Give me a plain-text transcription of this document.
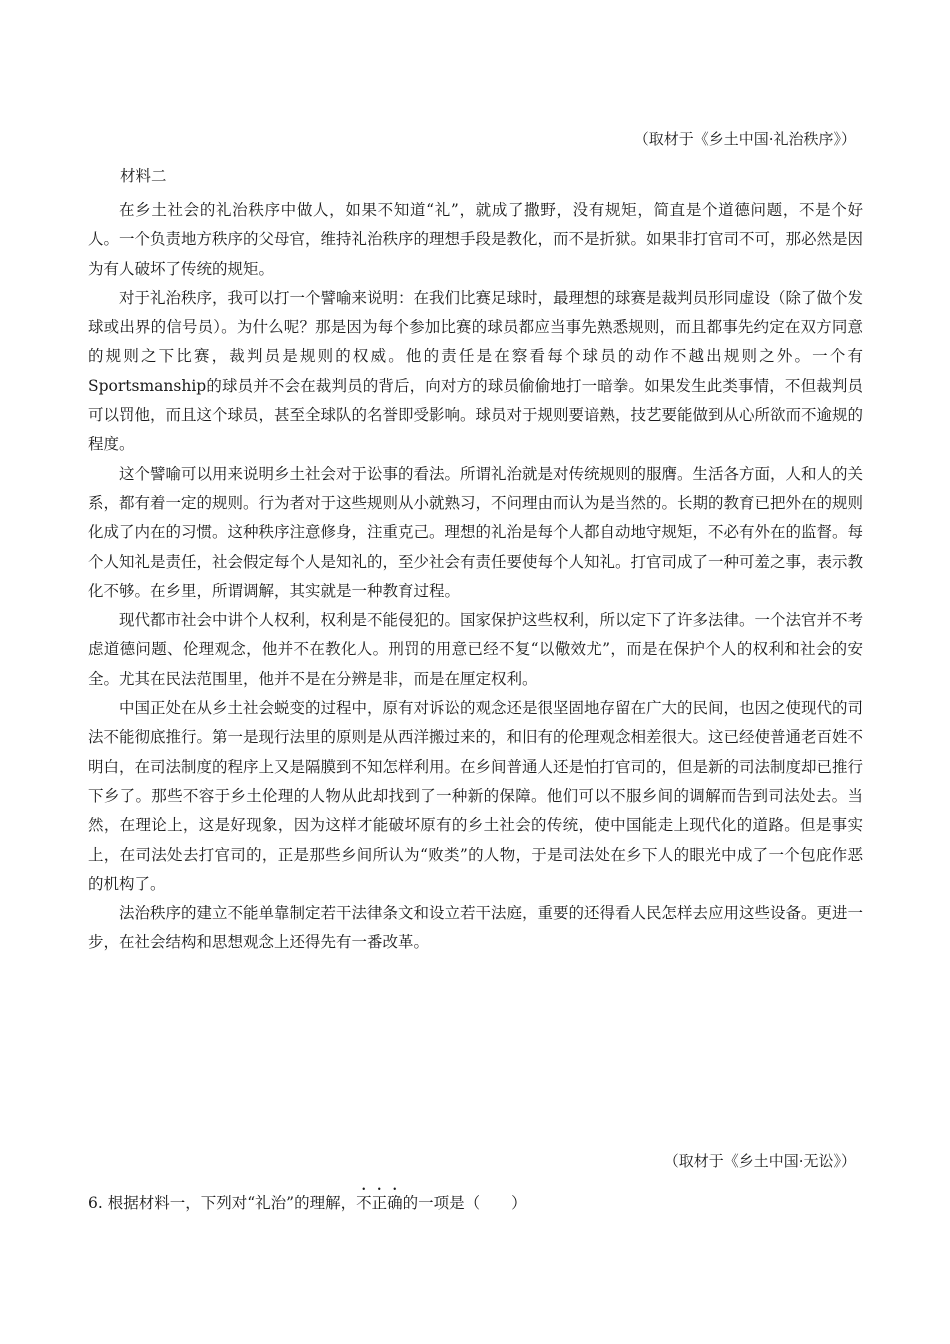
（取材于《乡土中国·礼治秩序》）
材料二

在乡土社会的礼治秩序中做人，如果不知道“礼”，就成了撒野，没有规矩，简直是个道德问题，不是个好人。一个负责地方秩序的父母官，维持礼治秩序的理想手段是教化，而不是折狱。如果非打官司不可，那必然是因为有人破坏了传统的规矩。

对于礼治秩序，我可以打一个譬喻来说明：在我们比赛足球时，最理想的球赛是裁判员形同虚设（除了做个发球或出界的信号员）。为什么呢？那是因为每个参加比赛的球员都应当事先熟悉规则，而且都事先约定在双方同意的规则之下比赛，裁判员是规则的权威。他的责任是在察看每个球员的动作不越出规则之外。一个有Sportsmanship的球员并不会在裁判员的背后，向对方的球员偷偷地打一暗拳。如果发生此类事情，不但裁判员可以罚他，而且这个球员，甚至全球队的名誉即受影响。球员对于规则要谙熟，技艺要能做到从心所欲而不逾规的程度。

这个譬喻可以用来说明乡土社会对于讼事的看法。所谓礼治就是对传统规则的服膺。生活各方面，人和人的关系，都有着一定的规则。行为者对于这些规则从小就熟习，不问理由而认为是当然的。长期的教育已把外在的规则化成了内在的习惯。这种秩序注意修身，注重克己。理想的礼治是每个人都自动地守规矩，不必有外在的监督。每个人知礼是责任，社会假定每个人是知礼的，至少社会有责任要使每个人知礼。打官司成了一种可羞之事，表示教化不够。在乡里，所谓调解，其实就是一种教育过程。

现代都市社会中讲个人权利，权利是不能侵犯的。国家保护这些权利，所以定下了许多法律。一个法官并不考虑道德问题、伦理观念，他并不在教化人。刑罚的用意已经不复“以儆效尤”，而是在保护个人的权利和社会的安全。尤其在民法范围里，他并不是在分辨是非，而是在厘定权利。

中国正处在从乡土社会蜕变的过程中，原有对诉讼的观念还是很坚固地存留在广大的民间，也因之使现代的司法不能彻底推行。第一是现行法里的原则是从西洋搬过来的，和旧有的伦理观念相差很大。这已经使普通老百姓不明白，在司法制度的程序上又是隔膜到不知怎样利用。在乡间普通人还是怕打官司的，但是新的司法制度却已推行下乡了。那些不容于乡土伦理的人物从此却找到了一种新的保障。他们可以不服乡间的调解而告到司法处去。当然，在理论上，这是好现象，因为这样才能破坏原有的乡土社会的传统，使中国能走上现代化的道路。但是事实上，在司法处去打官司的，正是那些乡间所认为“败类”的人物，于是司法处在乡下人的眼光中成了一个包庇作恶的机构了。

法治秩序的建立不能单靠制定若干法律条文和设立若干法庭，重要的还得看人民怎样去应用这些设备。更进一步，在社会结构和思想观念上还得先有一番改革。

（取材于《乡土中国·无讼》）
6. 根据材料一，下列对“礼治”的理解，不正确的一项是（　　）
